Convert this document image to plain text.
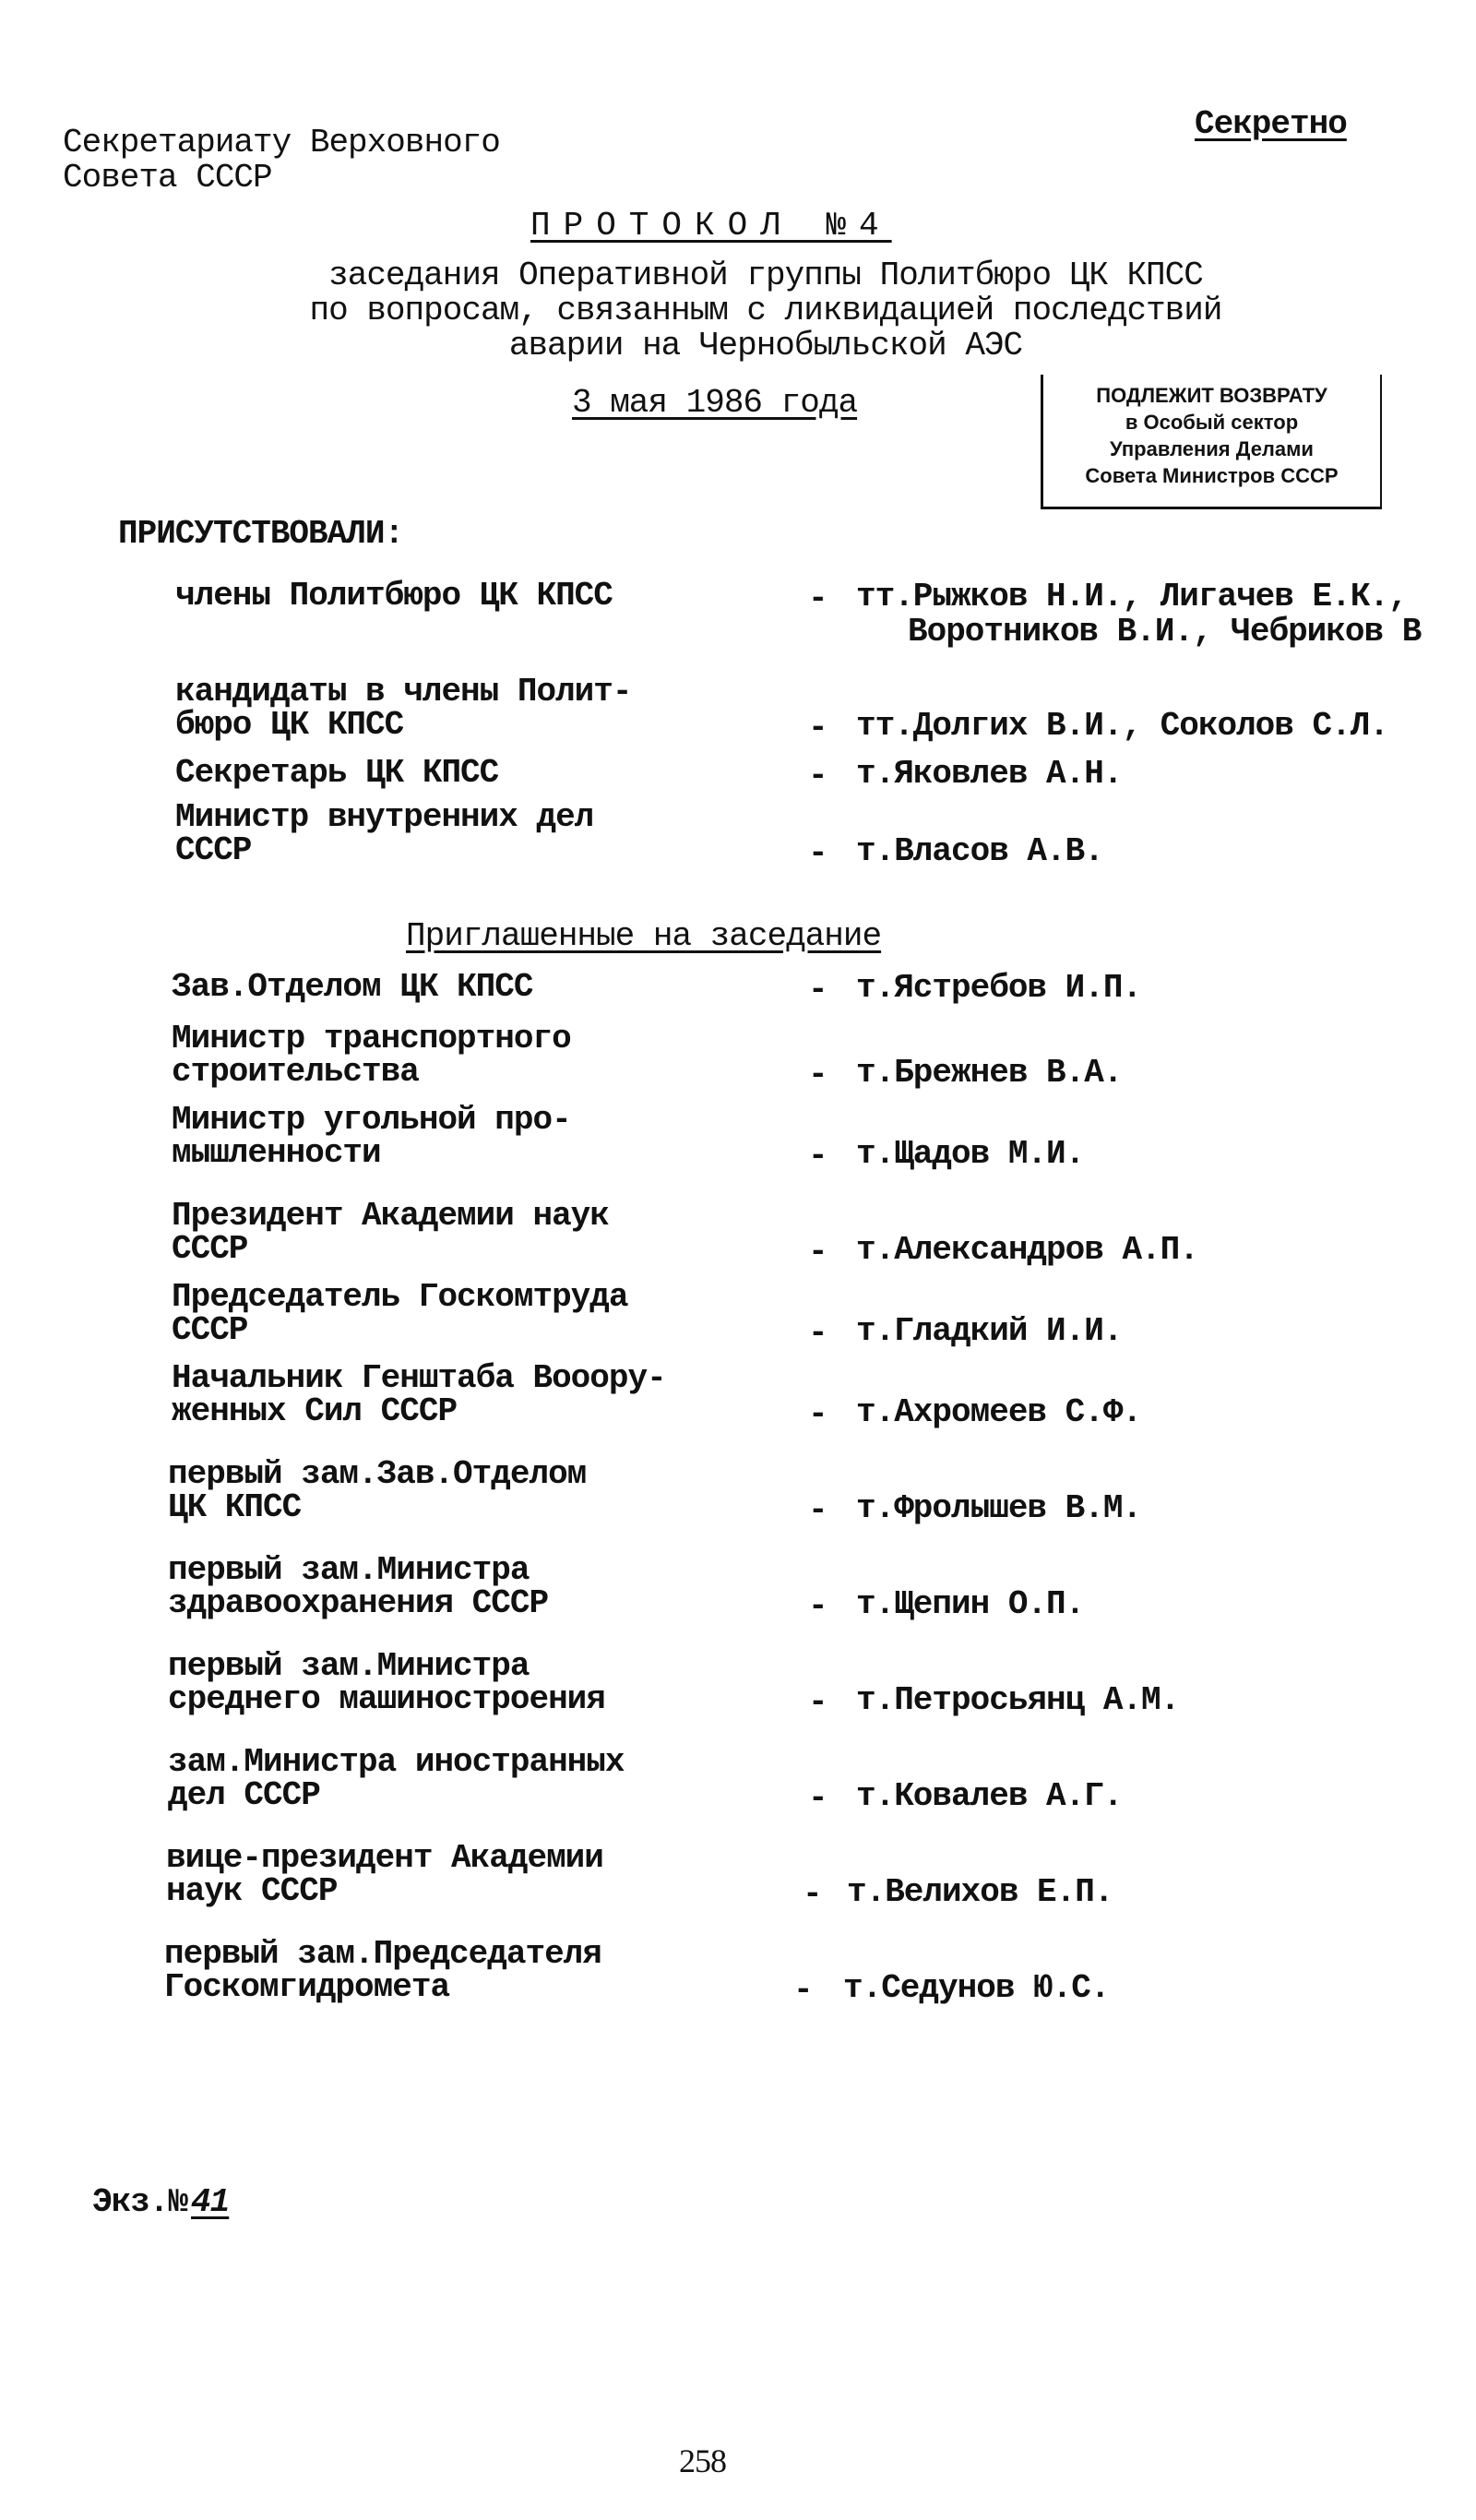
Секретариату Верховного
Совета СССР
Секретно
ПРОТОКОЛ №4
заседания Оперативной группы Политбюро ЦК КПСС
по вопросам, связанным с ликвидацией последствий
аварии на Чернобыльской АЭС
3 мая 1986 года	ПОДЛЕЖИТ ВОЗВРАТУ
в Особый сектор
Управления Делами
Совета Министров СССР
ПРИСУТСТВОВАЛИ:
члены Политбюро ЦК КПСС	- тт.Рыжков Н.И., Лигачев Е.К.,
Воротников В.И., Чебриков В
кандидаты в члены Полит-
бюро ЦК КПСС	- тт.Долгих В.И., Соколов С.Л.
Секретарь ЦК КПСС	- т.Яковлев А.Н.
Министр внутренних дел
СССР	- т.Власов А.В.
Приглашенные на заседание
Зав.Отделом ЦК КПСС	- т.Ястребов И.П.
Министр транспортного
строительства	- т.Брежнев В.А.
Министр угольной про-
мышленности	- т.Щадов М.И.
Президент Академии наук
СССР	- т.Александров А.П.
Председатель Госкомтруда
СССР	- т.Гладкий И.И.
Начальник Генштаба Вооору-
женных Сил СССР	- т.Ахромеев С.Ф.
первый зам.Зав.Отделом
ЦК КПСС	- т.Фролышев В.М.
первый зам.Министра
здравоохранения СССР	- т.Щепин О.П.
первый зам.Министра
среднего машиностроения	- т.Петросьянц А.М.
зам.Министра иностранных
дел СССР	- т.Ковалев А.Г.
вице-президент Академии
наук СССР	- т.Велихов Е.П.
первый зам.Председателя
Госкомгидромета	- т.Седунов Ю.С.
Экз.№ 41
258
